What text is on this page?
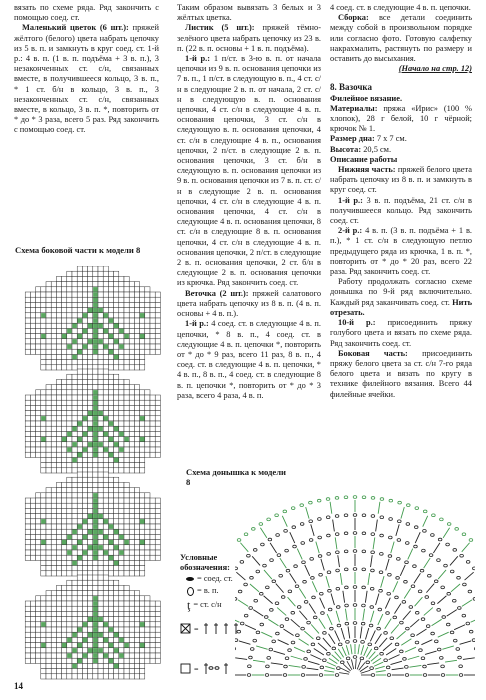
вязать по схеме ряда. Ряд закончить с помощью соед. ст.

Маленький цветок (6 шт.): пряжей жёлтого (белого) цвета набрать цепочку из 5 в. п. и замкнуть в круг соед. ст. 1-й р.: 4 в. п. (1 в. п. подъёма + 3 в. п.), 3 незаконченных ст. с/н, связанных вместе, в получившееся кольцо, 3 в. п., * 1 ст. б/н в кольцо, 3 в. п., 3 незаконченных ст. с/н, связанных вместе, в кольцо, 3 в. п. *, повторить от * до * 3 раза, всего 5 раз. Ряд закончить с помощью соед. ст.

Схема боковой части к модели 8

Таким образом вывязать 3 белых и 3 жёлтых цветка.

Листик (5 шт.): пряжей тёмно-зелёного цвета набрать цепочку из 23 в. п. (22 в. п. основы + 1 в. п. подъёма).

1-й р.: 1 п/ст. в 3-ю в. п. от начала цепочки из 9 в. п. основания цепочки из 7 в. п., 1 п/ст. в следующую в. п., 4 ст. с/н в следующие 2 в. п. от начала, 2 ст. с/н в следующую в. п. основания цепочки, 4 ст. с/н в следующие 4 в. п. основания цепочки, 3 ст. с/н в следующую в. п. основания цепочки, 4 ст. с/н в следующие 4 в. п., основания цепочки, 2 п/ст. в следующие 2 в. п. основания цепочки, 3 ст. б/н в следующую в. п. основания цепочки из 9 в. п. основания цепочки из 7 в. п. ст. с/н в следующие 2 в. п. основания цепочки, 4 ст. с/н в следующие 4 в. п. основания цепочки, 4 ст. с/н в следующие 4 в. п. основания цепочки, 8 ст. с/н в следующие 8 в. п. основания цепочки, 4 ст. с/н в следующие 4 в. п. основания цепочки, 2 п/ст. в следующие 2 в. п. основания цепочки, 2 ст. б/н в следующие 2 в. п. основания цепочки из крючка. Ряд закончить соед. ст.

Веточка (2 шт.): пряжей салатового цвета набрать цепочку из 8 в. п. (4 в. п. основы + 4 в. п.).

1-й р.: 4 соед. ст. в следующие 4 в. п. цепочки, * 8 в. п., 4 соед. ст. в следующие 4 в. п. цепочки *, повторить от * до * 9 раз, всего 11 раз, 8 в. п., 4 соед. ст. в следующие 4 в. п. цепочки, * 4 в. п., 8 в. п., 4 соед. ст. в следующие 8 в. п. цепочки *, повторить от * до * 3 раза, всего 4 раза, 4 в. п.

4 соед. ст. в следующие 4 в. п. цепочки.

Сборка: все детали соединить между собой в произвольном порядке или согласно фото. Готовую салфетку накрахмалить, растянуть по размеру и оставить до высыхания.

(Начало на стр. 12)

8. Вазочка

Филейное вязание.

Материалы: пряжа «Ирис» (100 % хлопок), 28 г белой, 10 г чёрной; крючок № 1.

Размер дна: 7 х 7 см.

Высота: 20,5 см.

Описание работы

Нижняя часть: пряжей белого цвета набрать цепочку из 8 в. п. и замкнуть в круг соед. ст.

1-й р.: 3 в. п. подъёма, 21 ст. с/н в получившееся кольцо. Ряд закончить соед. ст.

2-й р.: 4 в. п. (3 в. п. подъёма + 1 в. п.), * 1 ст. с/н в следующую петлю предыдущего ряда из крючка, 1 в. п. *, повторить от * до * 20 раз, всего 22 раза. Ряд закончить соед. ст.

Работу продолжать согласно схеме донышка по 9-й ряд включительно. Каждый ряд заканчивать соед. ст. Нить отрезать.

10-й р.: присоединить пряжу голубого цвета и вязать по схеме ряда. Ряд закончить соед. ст.

Боковая часть: присоединить пряжу белого цвета за ст. с/н 7-го ряда белого цвета и вязать по кругу в технике филейного вязания. Всего 44 филейные ячейки.

Схема донышка к модели 8
Условные обозначения:
= соед. ст.
= в. п.
ţ = ст. с/н
=
=
14
